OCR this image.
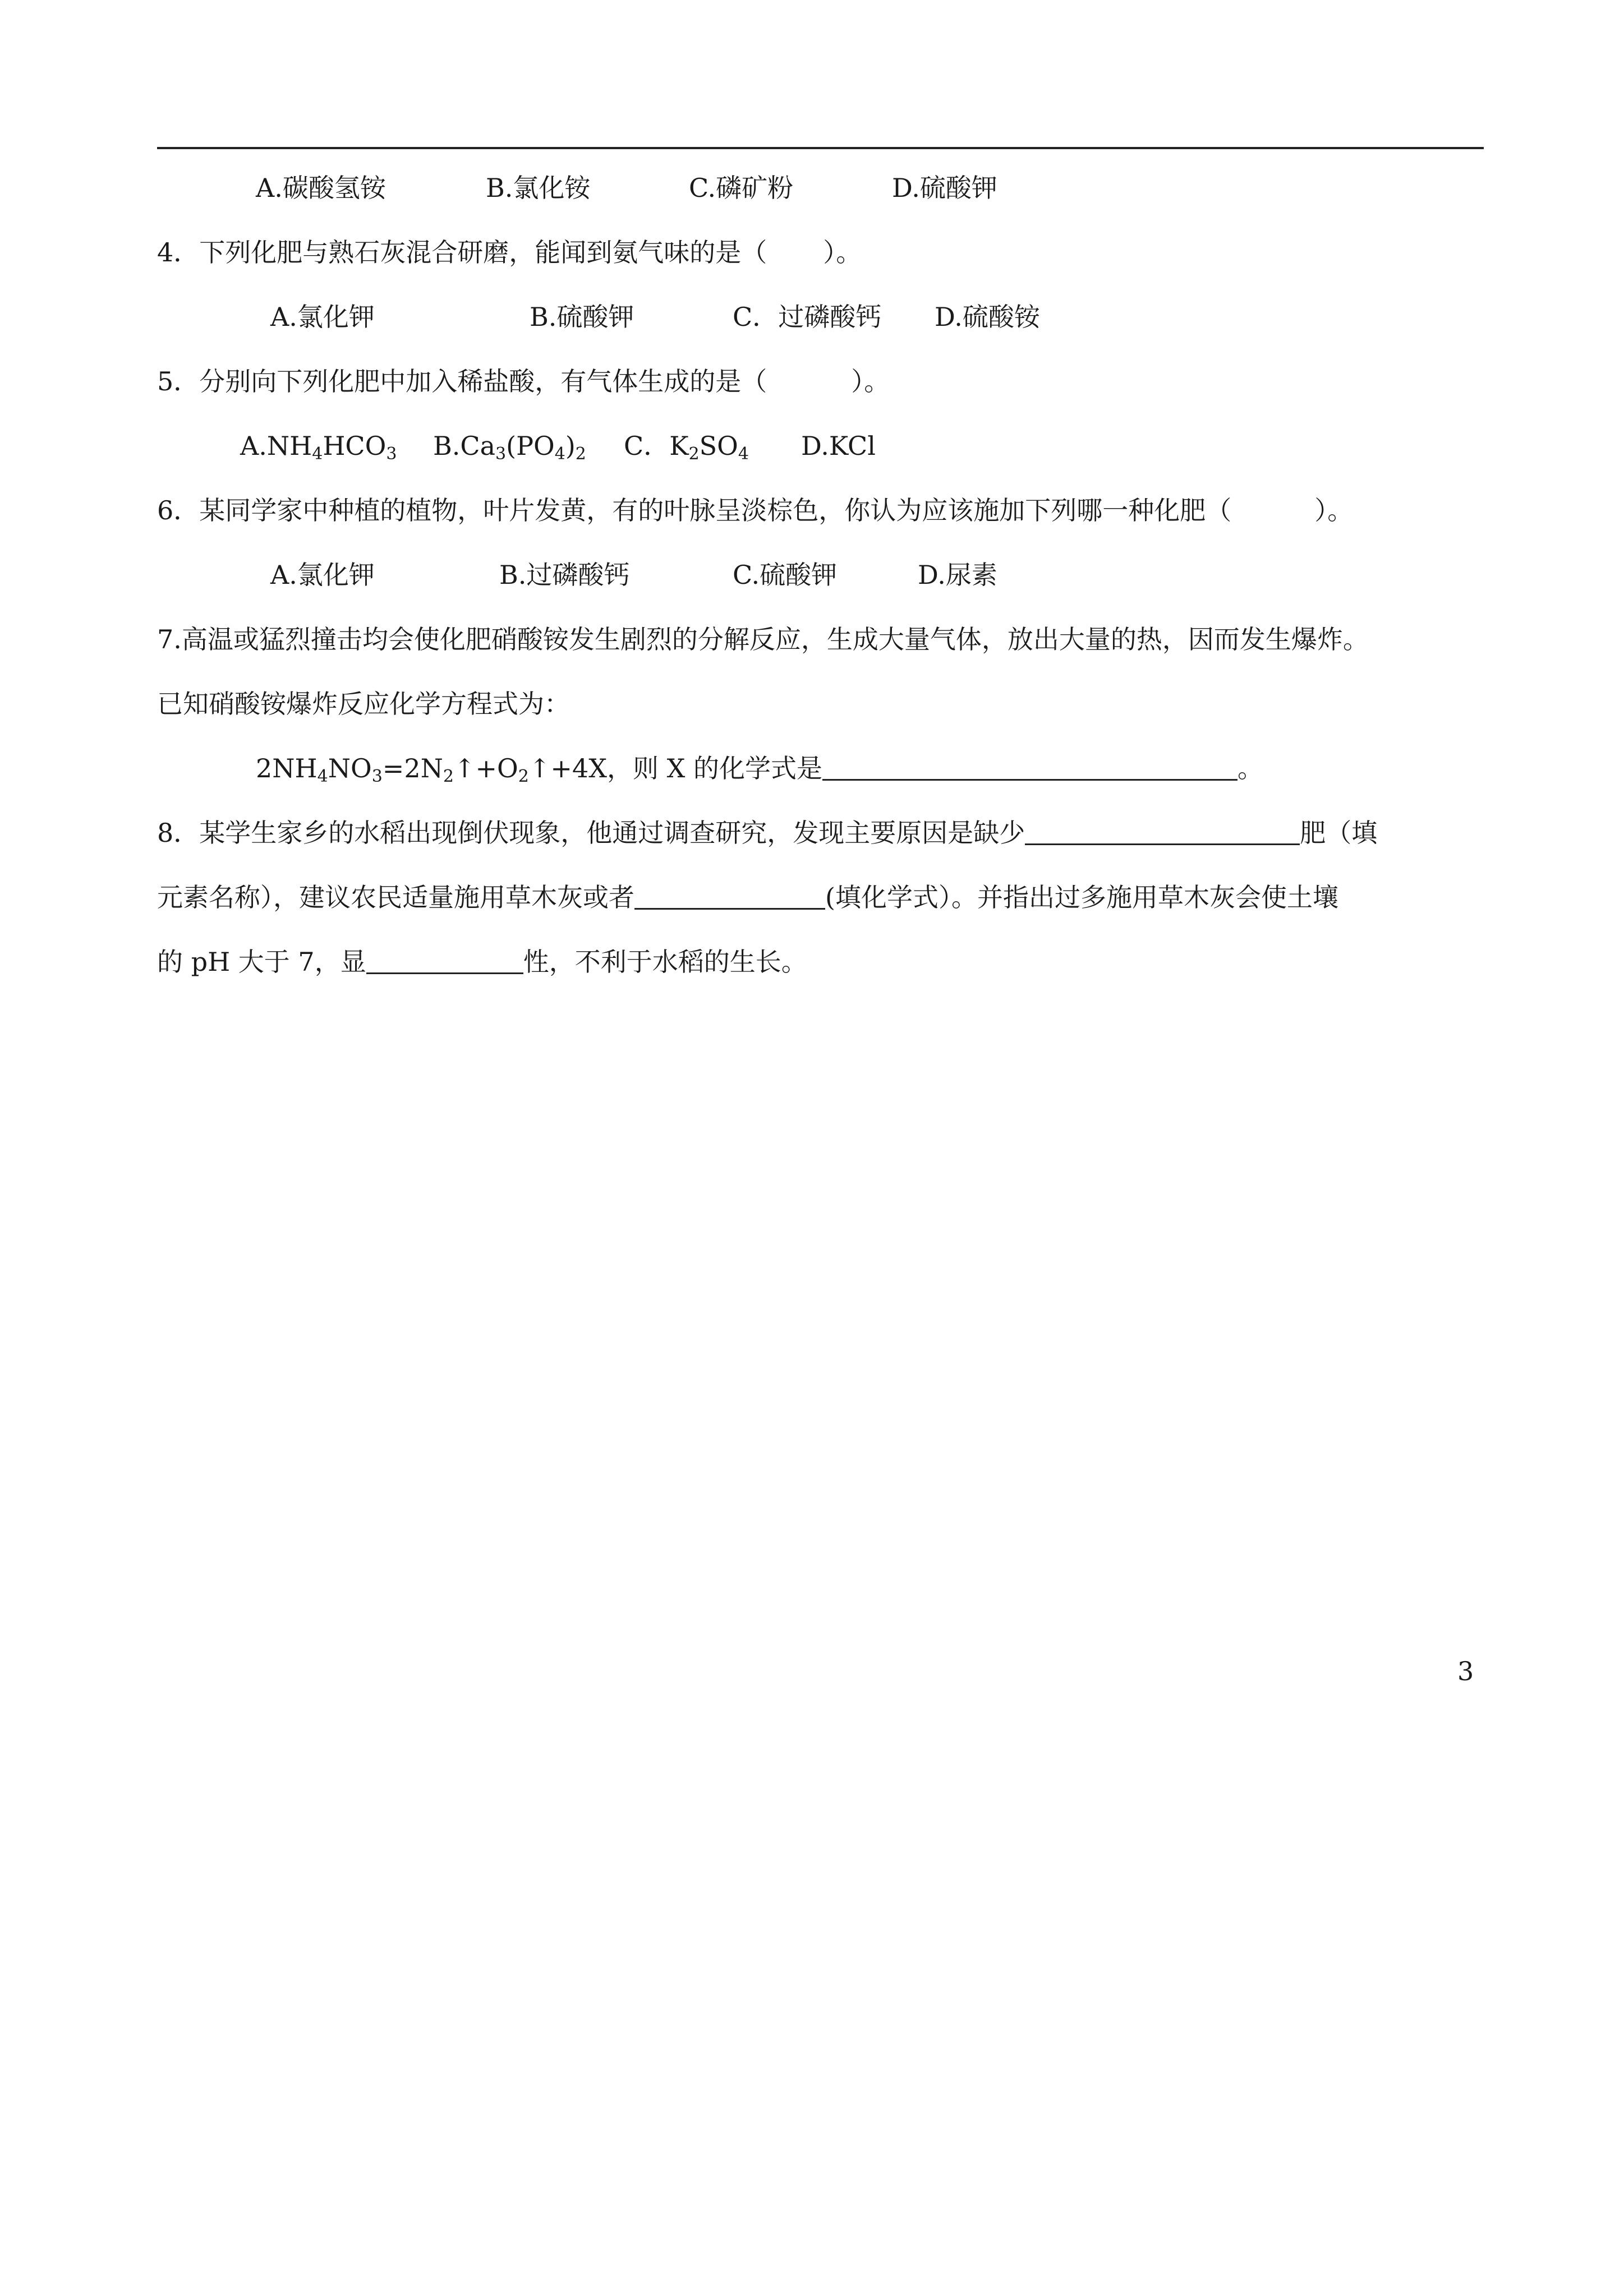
A.碳酸氢铵	B.氯化铵	C.磷矿粉	D.硫酸钾
4．下列化肥与熟石灰混合研磨，能闻到氨气味的是（ ）。
A.氯化钾	B.硫酸钾	C．过磷酸钙 D.硫酸铵
5．分别向下列化肥中加入稀盐酸，有气体生成的是（	）。
$A.NH_4HCO_3$ $B.Ca_3(PO_4)_2$ C．$K_2SO_4$ D.KCl
6．某同学家中种植的植物，叶片发黄，有的叶脉呈淡棕色，你认为应该施加下列哪一种化肥（	）。
A.氯化钾	B.过磷酸钙	C.硫酸钾	D.尿素
7.高温或猛烈撞击均会使化肥硝酸铵发生剧烈的分解反应，生成大量气体，放出大量的热，因而发生爆炸。
已知硝酸铵爆炸反应化学方程式为：
$2NH_4NO_3=2N_2↑+O_2↑+4X$，则 X 的化学式是	。
8．某学生家乡的水稻出现倒伏现象，他通过调查研究，发现主要原因是缺少	肥（填
元素名称），建议农民适量施用草木灰或者	(填化学式）。并指出过多施用草木灰会使土壤
的 pH 大于 7，显	性，不利于水稻的生长。
3
